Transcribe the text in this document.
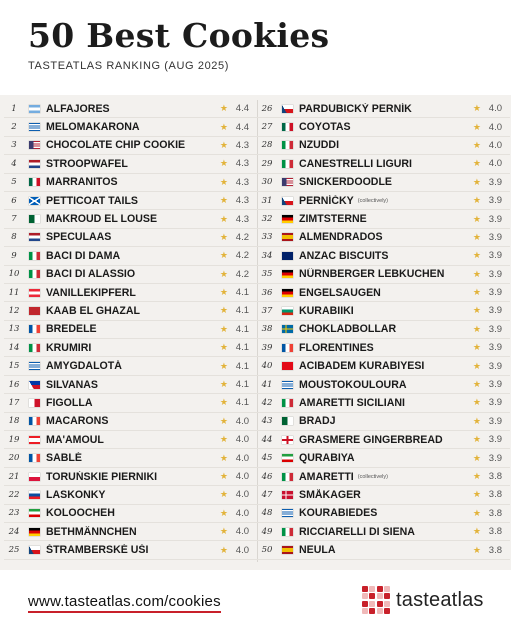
50 Best Cookies
TASTEATLAS RANKING (AUG 2025)
1	ALFAJORES	★ 4.4
2	MELOMAKARONA	★ 4.4
3	CHOCOLATE CHIP COOKIE	★ 4.3
4	STROOPWAFEL	★ 4.3
5	MARRANITOS	★ 4.3
6	PETTICOAT TAILS	★ 4.3
7	MAKROUD EL LOUSE	★ 4.3
8	SPECULAAS	★ 4.2
9	BACI DI DAMA	★ 4.2
10	BACI DI ALASSIO	★ 4.2
11	VANILLEKIPFERL	★ 4.1
12	KAAB EL GHAZAL	★ 4.1
13	BREDELE	★ 4.1
14	KRUMIRI	★ 4.1
15	AMYGDALOTÁ	★ 4.1
16	SILVANAS	★ 4.1
17	FIGOLLA	★ 4.1
18	MACARONS	★ 4.0
19	MA'AMOUL	★ 4.0
20	SABLÉ	★ 4.0
21	TORUŃSKIE PIERNIKI	★ 4.0
22	LASKONKY	★ 4.0
23	KOLOOCHEH	★ 4.0
24	BETHMÄNNCHEN	★ 4.0
25	ŠTRAMBERSKÉ UŠI	★ 4.0
26	PARDUBICKÝ PERNÍK	★ 4.0
27	COYOTAS	★ 4.0
28	NZUDDI	★ 4.0
29	CANESTRELLI LIGURI	★ 4.0
30	SNICKERDOODLE	★ 3.9
31	PERNÍČKY (collectively)	★ 3.9
32	ZIMTSTERNE	★ 3.9
33	ALMENDRADOS	★ 3.9
34	ANZAC BISCUITS	★ 3.9
35	NÜRNBERGER LEBKUCHEN	★ 3.9
36	ENGELSAUGEN	★ 3.9
37	KURABIIKI	★ 3.9
38	CHOKLADBOLLAR	★ 3.9
39	FLORENTINES	★ 3.9
40	ACIBADEM KURABIYESI	★ 3.9
41	MOUSTOKOULOURA	★ 3.9
42	AMARETTI SICILIANI	★ 3.9
43	BRADJ	★ 3.9
44	GRASMERE GINGERBREAD	★ 3.9
45	QURABIYA	★ 3.9
46	AMARETTI (collectively)	★ 3.8
47	SMÅKAGER	★ 3.8
48	KOURABIEDES	★ 3.8
49	RICCIARELLI DI SIENA	★ 3.8
50	NEULA	★ 3.8
www.tasteatlas.com/cookies	tasteatlas
